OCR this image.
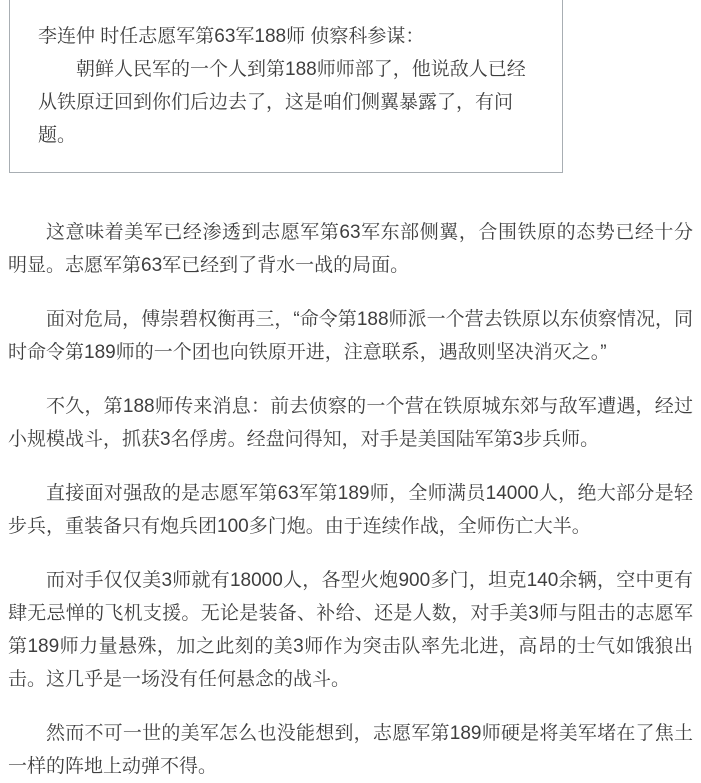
李连仲 时任志愿军第63军188师 侦察科参谋：

朝鲜人民军的一个人到第188师师部了，他说敌人已经从铁原迂回到你们后边去了，这是咱们侧翼暴露了，有问题。

这意味着美军已经渗透到志愿军第63军东部侧翼，合围铁原的态势已经十分明显。志愿军第63军已经到了背水一战的局面。

面对危局，傅崇碧权衡再三，“命令第188师派一个营去铁原以东侦察情况，同时命令第189师的一个团也向铁原开进，注意联系，遇敌则坚决消灭之。”

不久，第188师传来消息：前去侦察的一个营在铁原城东郊与敌军遭遇，经过小规模战斗，抓获3名俘虏。经盘问得知，对手是美国陆军第3步兵师。

直接面对强敌的是志愿军第63军第189师，全师满员14000人，绝大部分是轻步兵，重装备只有炮兵团100多门炮。由于连续作战，全师伤亡大半。

而对手仅仅美3师就有18000人，各型火炮900多门，坦克140余辆，空中更有肆无忌惮的飞机支援。无论是装备、补给、还是人数，对手美3师与阻击的志愿军第189师力量悬殊，加之此刻的美3师作为突击队率先北进，高昂的士气如饿狼出击。这几乎是一场没有任何悬念的战斗。

然而不可一世的美军怎么也没能想到，志愿军第189师硬是将美军堵在了焦土一样的阵地上动弹不得。
